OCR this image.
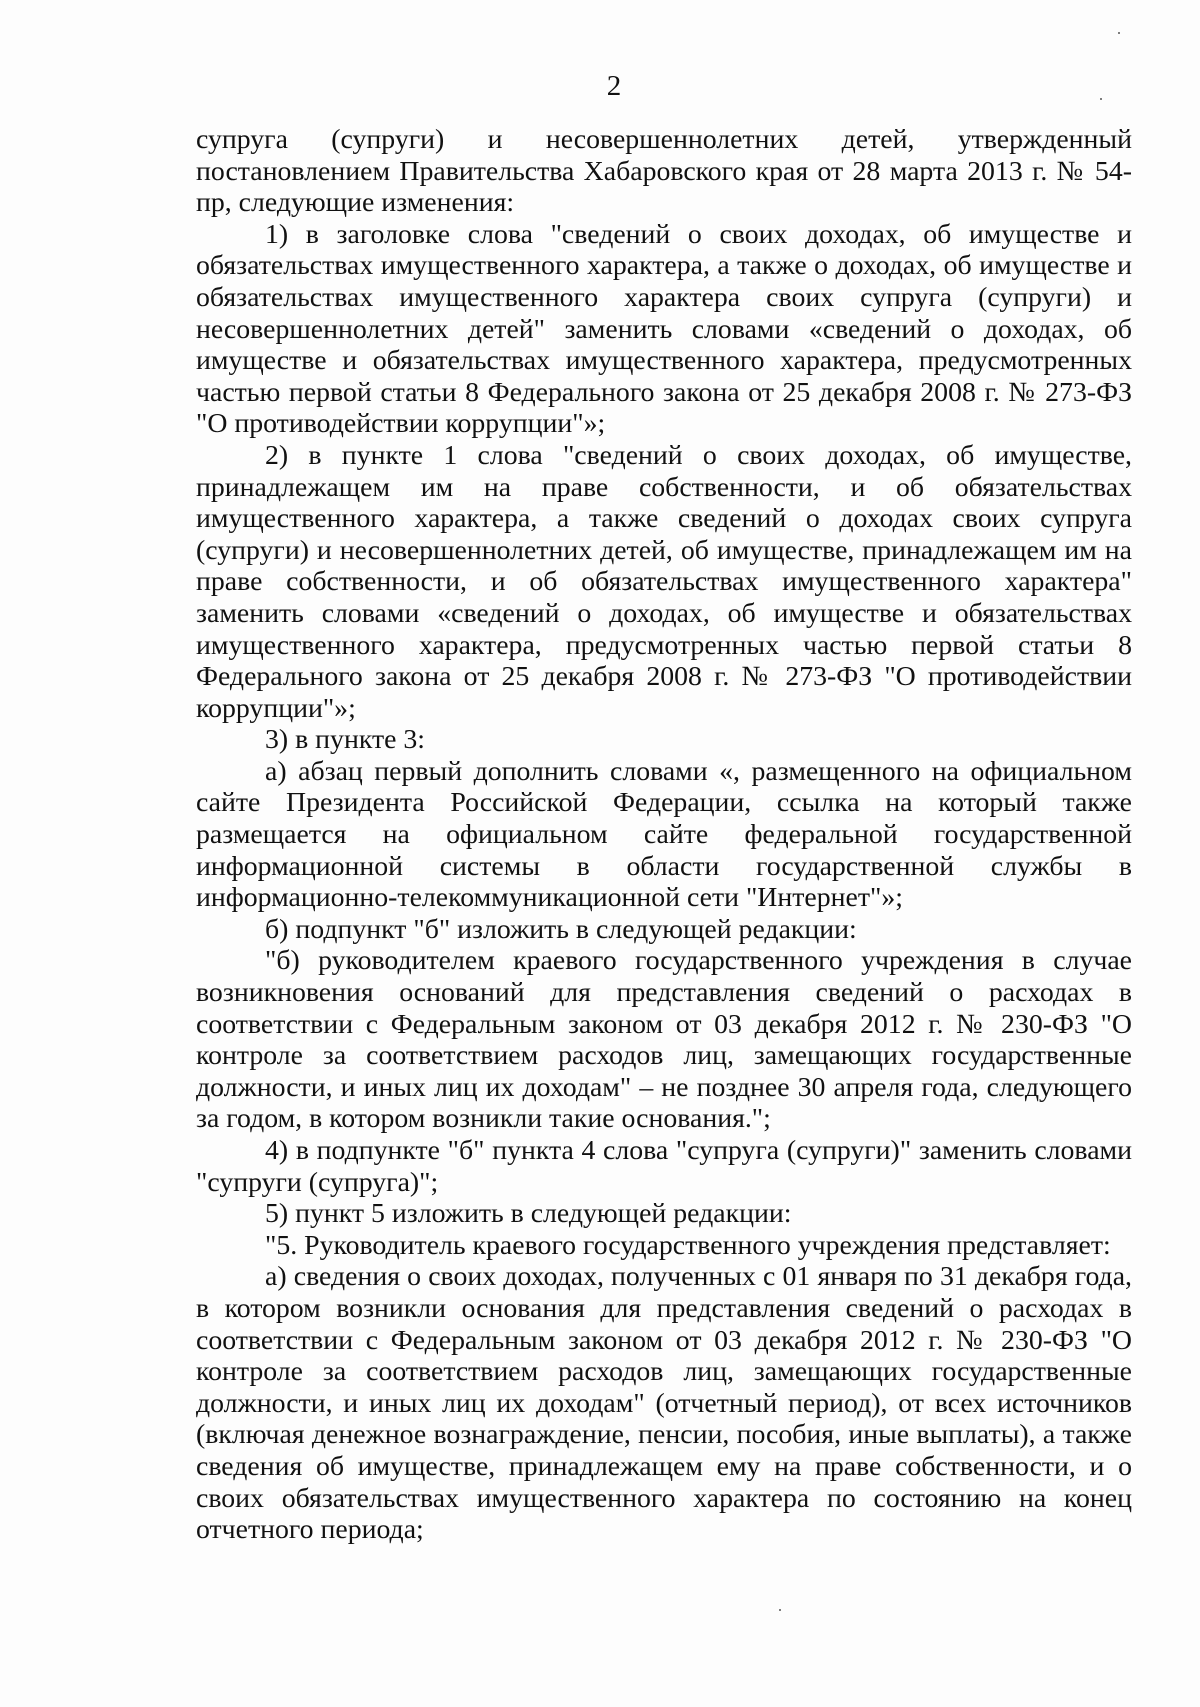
2

супруга (супруги) и несовершеннолетних детей, утвержденный постановлением Правительства Хабаровского края от 28 марта 2013 г. № 54-пр, следующие изменения:

1) в заголовке слова "сведений о своих доходах, об имуществе и обязательствах имущественного характера, а также о доходах, об имуществе и обязательствах имущественного характера своих супруга (супруги) и несовершеннолетних детей" заменить словами «сведений о доходах, об имуществе и обязательствах имущественного характера, предусмотренных частью первой статьи 8 Федерального закона от 25 декабря 2008 г. № 273-ФЗ "О противодействии коррупции"»;

2) в пункте 1 слова "сведений о своих доходах, об имуществе, принадлежащем им на праве собственности, и об обязательствах имущественного характера, а также сведений о доходах своих супруга (супруги) и несовершеннолетних детей, об имуществе, принадлежащем им на праве собственности, и об обязательствах имущественного характера" заменить словами «сведений о доходах, об имуществе и обязательствах имущественного характера, предусмотренных частью первой статьи 8 Федерального закона от 25 декабря 2008 г. № 273-ФЗ "О противодействии коррупции"»;

3) в пункте 3:

а) абзац первый дополнить словами «, размещенного на официальном сайте Президента Российской Федерации, ссылка на который также размещается на официальном сайте федеральной государственной информационной системы в области государственной службы в информационно-телекоммуникационной сети "Интернет"»;

б) подпункт "б" изложить в следующей редакции:

"б) руководителем краевого государственного учреждения в случае возникновения оснований для представления сведений о расходах в соответствии с Федеральным законом от 03 декабря 2012 г. № 230-ФЗ "О контроле за соответствием расходов лиц, замещающих государственные должности, и иных лиц их доходам" – не позднее 30 апреля года, следующего за годом, в котором возникли такие основания.";

4) в подпункте "б" пункта 4 слова "супруга (супруги)" заменить словами "супруги (супруга)";

5) пункт 5 изложить в следующей редакции:

"5. Руководитель краевого государственного учреждения представляет:

а) сведения о своих доходах, полученных с 01 января по 31 декабря года, в котором возникли основания для представления сведений о расходах в соответствии с Федеральным законом от 03 декабря 2012 г. № 230-ФЗ "О контроле за соответствием расходов лиц, замещающих государственные должности, и иных лиц их доходам" (отчетный период), от всех источников (включая денежное вознаграждение, пенсии, пособия, иные выплаты), а также сведения об имуществе, принадлежащем ему на праве собственности, и о своих обязательствах имущественного характера по состоянию на конец отчетного периода;
